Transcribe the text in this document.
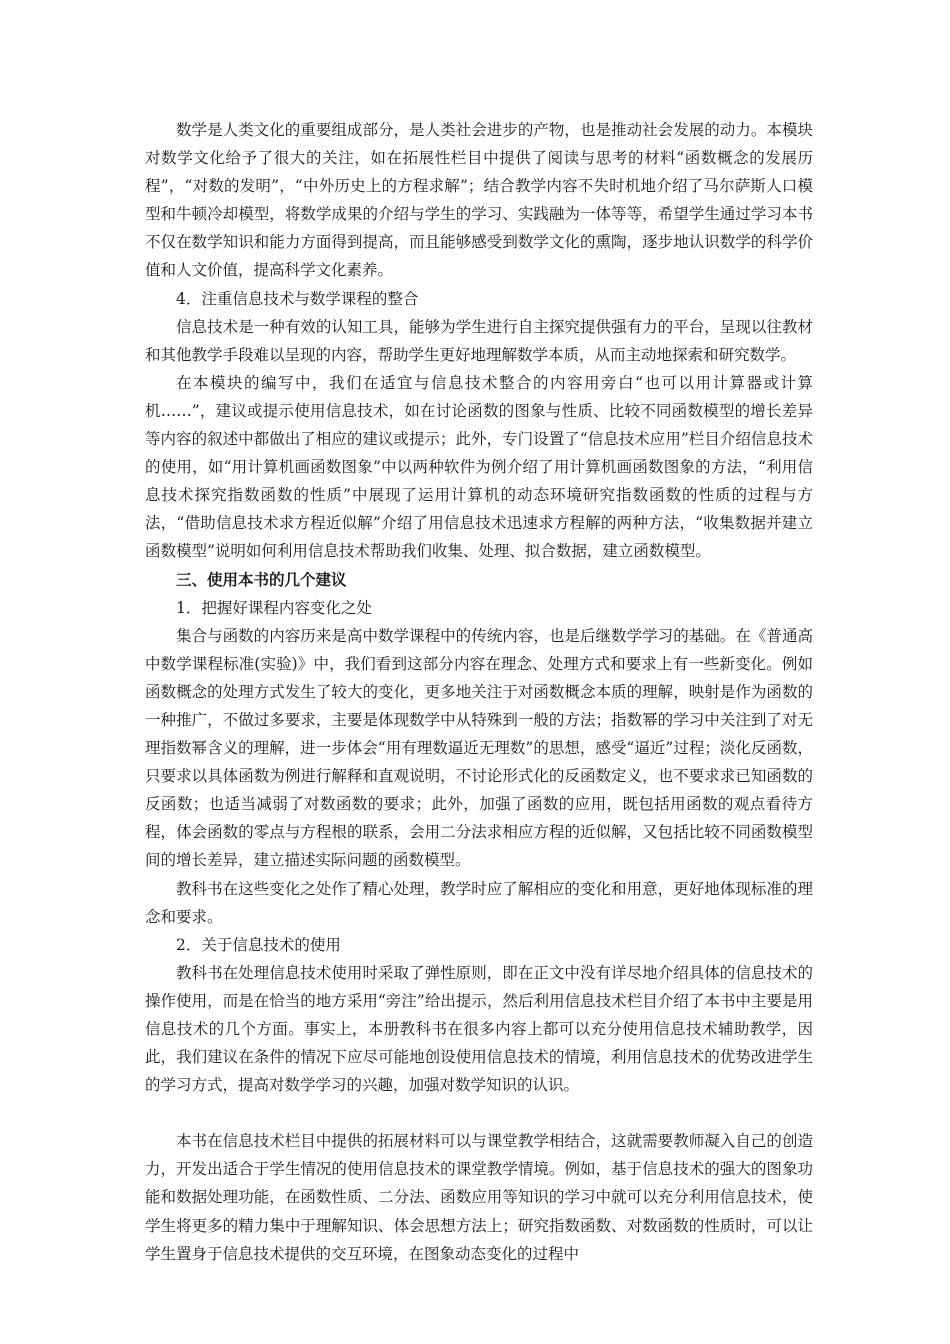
数学是人类文化的重要组成部分，是人类社会进步的产物，也是推动社会发展的动力。本模块对数学文化给予了很大的关注，如在拓展性栏目中提供了阅读与思考的材料“函数概念的发展历程”，“对数的发明”，“中外历史上的方程求解”；结合教学内容不失时机地介绍了马尔萨斯人口模型和牛顿冷却模型，将数学成果的介绍与学生的学习、实践融为一体等等，希望学生通过学习本书不仅在数学知识和能力方面得到提高，而且能够感受到数学文化的熏陶，逐步地认识数学的科学价值和人文价值，提高科学文化素养。

4．注重信息技术与数学课程的整合

信息技术是一种有效的认知工具，能够为学生进行自主探究提供强有力的平台，呈现以往教材和其他教学手段难以呈现的内容，帮助学生更好地理解数学本质，从而主动地探索和研究数学。

在本模块的编写中，我们在适宜与信息技术整合的内容用旁白“也可以用计算器或计算机……”，建议或提示使用信息技术，如在讨论函数的图象与性质、比较不同函数模型的增长差异等内容的叙述中都做出了相应的建议或提示；此外，专门设置了“信息技术应用”栏目介绍信息技术的使用，如“用计算机画函数图象”中以两种软件为例介绍了用计算机画函数图象的方法，“利用信息技术探究指数函数的性质”中展现了运用计算机的动态环境研究指数函数的性质的过程与方法，“借助信息技术求方程近似解”介绍了用信息技术迅速求方程解的两种方法，“收集数据并建立函数模型”说明如何利用信息技术帮助我们收集、处理、拟合数据，建立函数模型。

三、使用本书的几个建议

1．把握好课程内容变化之处

集合与函数的内容历来是高中数学课程中的传统内容，也是后继数学学习的基础。在《普通高中数学课程标准(实验)》中，我们看到这部分内容在理念、处理方式和要求上有一些新变化。例如函数概念的处理方式发生了较大的变化，更多地关注于对函数概念本质的理解，映射是作为函数的一种推广，不做过多要求，主要是体现数学中从特殊到一般的方法；指数幂的学习中关注到了对无理指数幂含义的理解，进一步体会“用有理数逼近无理数”的思想，感受“逼近”过程；淡化反函数，只要求以具体函数为例进行解释和直观说明，不讨论形式化的反函数定义，也不要求求已知函数的反函数；也适当减弱了对数函数的要求；此外，加强了函数的应用，既包括用函数的观点看待方程，体会函数的零点与方程根的联系，会用二分法求相应方程的近似解，又包括比较不同函数模型间的增长差异，建立描述实际问题的函数模型。

教科书在这些变化之处作了精心处理，教学时应了解相应的变化和用意，更好地体现标准的理念和要求。

2．关于信息技术的使用

教科书在处理信息技术使用时采取了弹性原则，即在正文中没有详尽地介绍具体的信息技术的操作使用，而是在恰当的地方采用“旁注”给出提示，然后利用信息技术栏目介绍了本书中主要是用信息技术的几个方面。事实上，本册教科书在很多内容上都可以充分使用信息技术辅助教学，因此，我们建议在条件的情况下应尽可能地创设使用信息技术的情境，利用信息技术的优势改进学生的学习方式，提高对数学学习的兴趣，加强对数学知识的认识。

本书在信息技术栏目中提供的拓展材料可以与课堂教学相结合，这就需要教师凝入自己的创造力，开发出适合于学生情况的使用信息技术的课堂教学情境。例如，基于信息技术的强大的图象功能和数据处理功能，在函数性质、二分法、函数应用等知识的学习中就可以充分利用信息技术，使学生将更多的精力集中于理解知识、体会思想方法上；研究指数函数、对数函数的性质时，可以让学生置身于信息技术提供的交互环境，在图象动态变化的过程中
